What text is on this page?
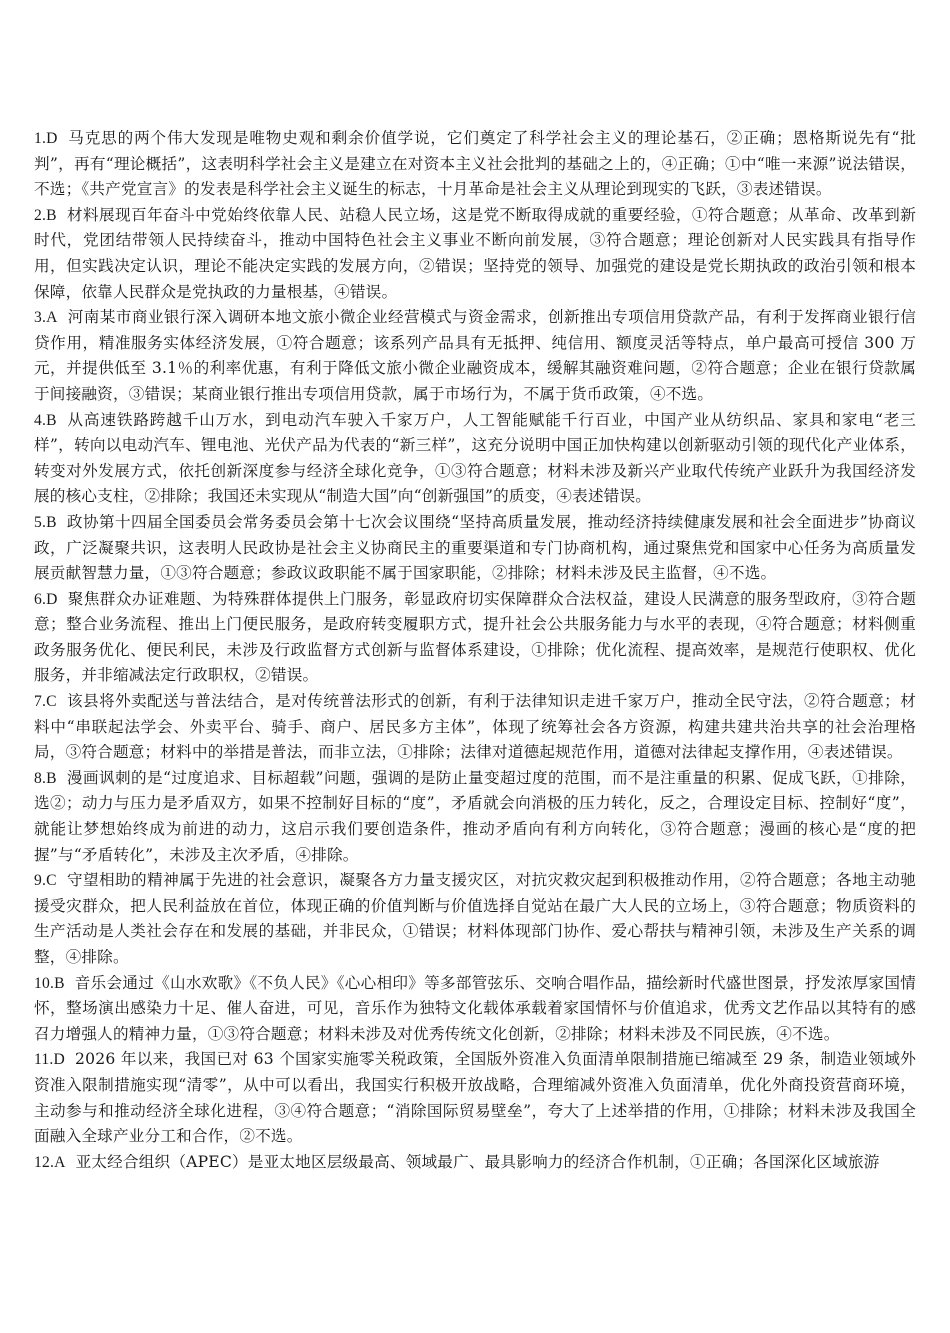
1.D 马克思的两个伟大发现是唯物史观和剩余价值学说，它们奠定了科学社会主义的理论基石，②正确；恩格斯说先有“批判”，再有“理论概括”，这表明科学社会主义是建立在对资本主义社会批判的基础之上的，④正确；①中“唯一来源”说法错误，不选；《共产党宣言》的发表是科学社会主义诞生的标志，十月革命是社会主义从理论到现实的飞跃，③表述错误。

2.B 材料展现百年奋斗中党始终依靠人民、站稳人民立场，这是党不断取得成就的重要经验，①符合题意；从革命、改革到新时代，党团结带领人民持续奋斗，推动中国特色社会主义事业不断向前发展，③符合题意；理论创新对人民实践具有指导作用，但实践决定认识，理论不能决定实践的发展方向，②错误；坚持党的领导、加强党的建设是党长期执政的政治引领和根本保障，依靠人民群众是党执政的力量根基，④错误。

3.A 河南某市商业银行深入调研本地文旅小微企业经营模式与资金需求，创新推出专项信用贷款产品，有利于发挥商业银行信贷作用，精准服务实体经济发展，①符合题意；该系列产品具有无抵押、纯信用、额度灵活等特点，单户最高可授信 300 万元，并提供低至 3.1％的利率优惠，有利于降低文旅小微企业融资成本，缓解其融资难问题，②符合题意；企业在银行贷款属于间接融资，③错误；某商业银行推出专项信用贷款，属于市场行为，不属于货币政策，④不选。

4.B 从高速铁路跨越千山万水，到电动汽车驶入千家万户，人工智能赋能千行百业，中国产业从纺织品、家具和家电“老三样”，转向以电动汽车、锂电池、光伏产品为代表的“新三样”，这充分说明中国正加快构建以创新驱动引领的现代化产业体系，转变对外发展方式，依托创新深度参与经济全球化竞争，①③符合题意；材料未涉及新兴产业取代传统产业跃升为我国经济发展的核心支柱，②排除；我国还未实现从“制造大国”向“创新强国”的质变，④表述错误。

5.B 政协第十四届全国委员会常务委员会第十七次会议围绕“坚持高质量发展，推动经济持续健康发展和社会全面进步”协商议政，广泛凝聚共识，这表明人民政协是社会主义协商民主的重要渠道和专门协商机构，通过聚焦党和国家中心任务为高质量发展贡献智慧力量，①③符合题意；参政议政职能不属于国家职能，②排除；材料未涉及民主监督，④不选。

6.D 聚焦群众办证难题、为特殊群体提供上门服务，彰显政府切实保障群众合法权益，建设人民满意的服务型政府，③符合题意；整合业务流程、推出上门便民服务，是政府转变履职方式，提升社会公共服务能力与水平的表现，④符合题意；材料侧重政务服务优化、便民利民，未涉及行政监督方式创新与监督体系建设，①排除；优化流程、提高效率，是规范行使职权、优化服务，并非缩减法定行政职权，②错误。

7.C 该县将外卖配送与普法结合，是对传统普法形式的创新，有利于法律知识走进千家万户，推动全民守法，②符合题意；材料中“串联起法学会、外卖平台、骑手、商户、居民多方主体”，体现了统筹社会各方资源，构建共建共治共享的社会治理格局，③符合题意；材料中的举措是普法，而非立法，①排除；法律对道德起规范作用，道德对法律起支撑作用，④表述错误。

8.B 漫画讽刺的是“过度追求、目标超载”问题，强调的是防止量变超过度的范围，而不是注重量的积累、促成飞跃，①排除，选②；动力与压力是矛盾双方，如果不控制好目标的“度”，矛盾就会向消极的压力转化，反之，合理设定目标、控制好“度”，就能让梦想始终成为前进的动力，这启示我们要创造条件，推动矛盾向有利方向转化，③符合题意；漫画的核心是“度的把握”与“矛盾转化”，未涉及主次矛盾，④排除。

9.C 守望相助的精神属于先进的社会意识，凝聚各方力量支援灾区，对抗灾救灾起到积极推动作用，②符合题意；各地主动驰援受灾群众，把人民利益放在首位，体现正确的价值判断与价值选择自觉站在最广大人民的立场上，③符合题意；物质资料的生产活动是人类社会存在和发展的基础，并非民众，①错误；材料体现部门协作、爱心帮扶与精神引领，未涉及生产关系的调整，④排除。

10.B 音乐会通过《山水欢歌》《不负人民》《心心相印》等多部管弦乐、交响合唱作品，描绘新时代盛世图景，抒发浓厚家国情怀，整场演出感染力十足、催人奋进，可见，音乐作为独特文化载体承载着家国情怀与价值追求，优秀文艺作品以其特有的感召力增强人的精神力量，①③符合题意；材料未涉及对优秀传统文化创新，②排除；材料未涉及不同民族，④不选。

11.D 2026 年以来，我国已对 63 个国家实施零关税政策，全国版外资准入负面清单限制措施已缩减至 29 条，制造业领域外资准入限制措施实现“清零”，从中可以看出，我国实行积极开放战略，合理缩减外资准入负面清单，优化外商投资营商环境，主动参与和推动经济全球化进程，③④符合题意；“消除国际贸易壁垒”，夸大了上述举措的作用，①排除；材料未涉及我国全面融入全球产业分工和合作，②不选。

12.A 亚太经合组织（APEC）是亚太地区层级最高、领域最广、最具影响力的经济合作机制，①正确；各国深化区域旅游
